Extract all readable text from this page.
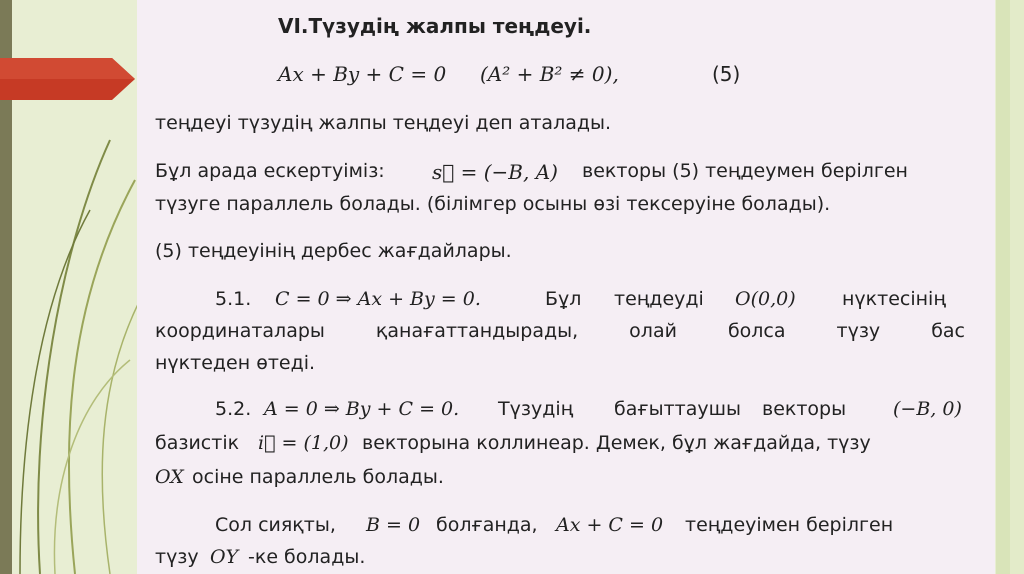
VI.Түзудің жалпы теңдеуі.
Ax + By + C = 0 (A² + B² ≠ 0),	(5)
теңдеуі түзудің жалпы теңдеуі деп аталады.
Бұл арада ескертуіміз: s⃗ = (−B, A) векторы (5) теңдеумен берілген
түзуге параллель болады. (білімгер осыны өзі тексеруіне болады).
(5) теңдеуінің дербес жағдайлары.
5.1. C = 0 ⇒ Ax + By = 0.	Бұл теңдеуді O(0,0) нүктесінің
координаталары	қанағаттандырады,	олай	болса	түзу	бас
нүктеден өтеді.
5.2. A = 0 ⇒ By + C = 0. Түзудің бағыттаушы векторы (−B, 0)
базистік i⃗ = (1,0) векторына коллинеар. Демек, бұл жағдайда, түзу
OX осіне параллель болады.
Сол сияқты, B = 0 болғанда, Ax + C = 0 теңдеуімен берілген
түзу OY -ке болады.
